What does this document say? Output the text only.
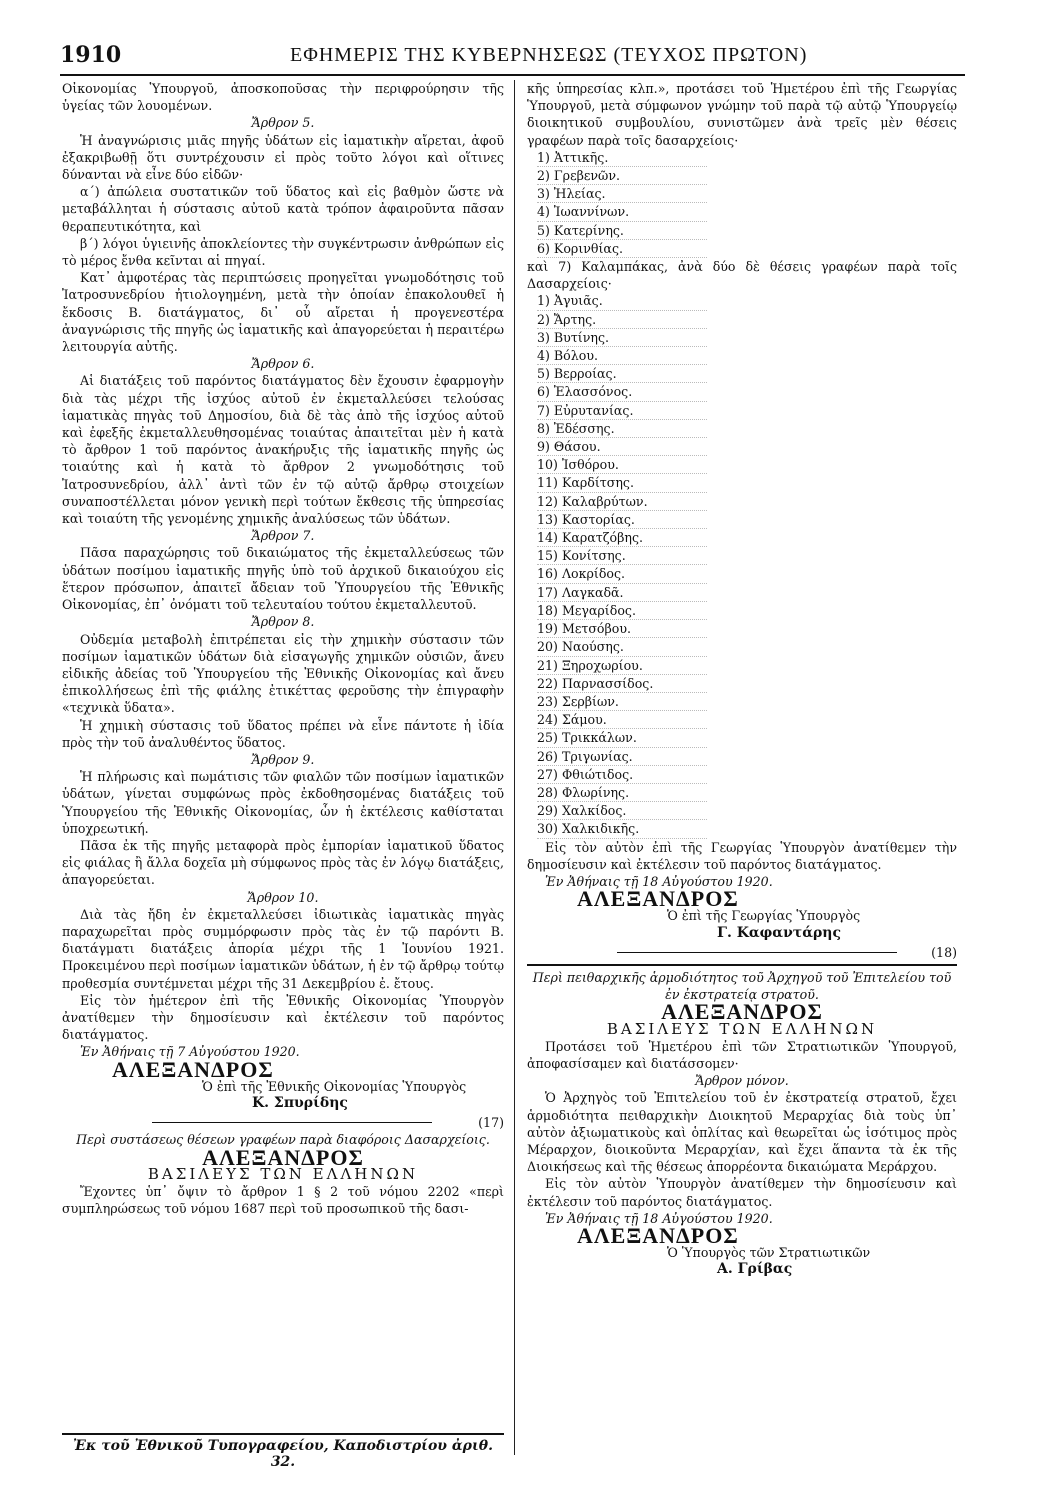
1910	ΕΦΗΜΕΡΙΣ ΤΗΣ ΚΥΒΕΡΝΗΣΕΩΣ (ΤΕΥΧΟΣ ΠΡΩΤΟΝ)

Οἰκονομίας Ὑπουργοῦ, ἀποσκοποῦσας τὴν περιφρούρησιν τῆς ὑγείας τῶν λουομένων.

Ἄρθρον 5.

Ἡ ἀναγνώρισις μιᾶς πηγῆς ὑδάτων εἰς ἰαματικὴν αἴρεται, ἀφοῦ ἐξακριβωθῇ ὅτι συντρέχουσιν εἰ πρὸς τοῦτο λόγοι καὶ οἵτινες δύνανται νὰ εἶνε δύο εἰδῶν·

α΄) ἀπώλεια συστατικῶν τοῦ ὕδατος καὶ εἰς βαθμὸν ὥστε νὰ μεταβάλληται ἡ σύστασις αὐτοῦ κατὰ τρόπον ἀφαιροῦντα πᾶσαν θεραπευτικότητα, καὶ

β΄) λόγοι ὑγιεινῆς ἀποκλείοντες τὴν συγκέντρωσιν ἀνθρώπων εἰς τὸ μέρος ἔνθα κεῖνται αἱ πηγαί.

Κατ᾽ ἀμφοτέρας τὰς περιπτώσεις προηγεῖται γνωμοδότησις τοῦ Ἰατροσυνεδρίου ἠτιολογημένη, μετὰ τὴν ὁποίαν ἐπακολουθεῖ ἡ ἔκδοσις Β. διατάγματος, δι᾽ οὗ αἴρεται ἡ προγενεστέρα ἀναγνώρισις τῆς πηγῆς ὡς ἰαματικῆς καὶ ἀπαγορεύεται ἡ περαιτέρω λειτουργία αὐτῆς.

Ἄρθρον 6.

Αἱ διατάξεις τοῦ παρόντος διατάγματος δὲν ἔχουσιν ἐφαρμογὴν διὰ τὰς μέχρι τῆς ἰσχύος αὐτοῦ ἐν ἐκμεταλλεύσει τελούσας ἰαματικὰς πηγὰς τοῦ Δημοσίου, διὰ δὲ τὰς ἀπὸ τῆς ἰσχύος αὐτοῦ καὶ ἐφεξῆς ἐκμεταλλευθησομένας τοιαύτας ἀπαιτεῖται μὲν ἡ κατὰ τὸ ἄρθρον 1 τοῦ παρόντος ἀνακήρυξις τῆς ἰαματικῆς πηγῆς ὡς τοιαύτης καὶ ἡ κατὰ τὸ ἄρθρον 2 γνωμοδότησις τοῦ Ἰατροσυνεδρίου, ἀλλ᾽ ἀντὶ τῶν ἐν τῷ αὐτῷ ἄρθρῳ στοιχείων συναποστέλλεται μόνον γενικὴ περὶ τούτων ἔκθεσις τῆς ὑπηρεσίας καὶ τοιαύτη τῆς γενομένης χημικῆς ἀναλύσεως τῶν ὑδάτων.

Ἄρθρον 7.

Πᾶσα παραχώρησις τοῦ δικαιώματος τῆς ἐκμεταλλεύσεως τῶν ὑδάτων ποσίμου ἰαματικῆς πηγῆς ὑπὸ τοῦ ἀρχικοῦ δικαιούχου εἰς ἕτερον πρόσωπον, ἀπαιτεῖ ἄδειαν τοῦ Ὑπουργείου τῆς Ἐθνικῆς Οἰκονομίας, ἐπ᾽ ὀνόματι τοῦ τελευταίου τούτου ἐκμεταλλευτοῦ.

Ἄρθρον 8.

Οὐδεμία μεταβολὴ ἐπιτρέπεται εἰς τὴν χημικὴν σύστασιν τῶν ποσίμων ἰαματικῶν ὑδάτων διὰ εἰσαγωγῆς χημικῶν οὐσιῶν, ἄνευ εἰδικῆς ἀδείας τοῦ Ὑπουργείου τῆς Ἐθνικῆς Οἰκονομίας καὶ ἄνευ ἐπικολλήσεως ἐπὶ τῆς φιάλης ἐτικέττας φεροῦσης τὴν ἐπιγραφὴν «τεχνικὰ ὕδατα».

Ἡ χημικὴ σύστασις τοῦ ὕδατος πρέπει νὰ εἶνε πάντοτε ἡ ἰδία πρὸς τὴν τοῦ ἀναλυθέντος ὕδατος.

Ἄρθρον 9.

Ἡ πλήρωσις καὶ πωμάτισις τῶν φιαλῶν τῶν ποσίμων ἰαματικῶν ὑδάτων, γίνεται συμφώνως πρὸς ἐκδοθησομένας διατάξεις τοῦ Ὑπουργείου τῆς Ἐθνικῆς Οἰκονομίας, ὧν ἡ ἐκτέλεσις καθίσταται ὑποχρεωτική.

Πᾶσα ἐκ τῆς πηγῆς μεταφορὰ πρὸς ἐμπορίαν ἰαματικοῦ ὕδατος εἰς φιάλας ἢ ἄλλα δοχεῖα μὴ σύμφωνος πρὸς τὰς ἐν λόγῳ διατάξεις, ἀπαγορεύεται.

Ἄρθρον 10.

Διὰ τὰς ἤδη ἐν ἐκμεταλλεύσει ἰδιωτικὰς ἰαματικὰς πηγὰς παραχωρεῖται πρὸς συμμόρφωσιν πρὸς τὰς ἐν τῷ παρόντι Β. διατάγματι διατάξεις ἀπορία μέχρι τῆς 1 Ἰουνίου 1921. Προκειμένου περὶ ποσίμων ἰαματικῶν ὑδάτων, ἡ ἐν τῷ ἄρθρῳ τούτῳ προθεσμία συντέμνεται μέχρι τῆς 31 Δεκεμβρίου ἐ. ἔτους.

Εἰς τὸν ἡμέτερον ἐπὶ τῆς Ἐθνικῆς Οἰκονομίας Ὑπουργὸν ἀνατίθεμεν τὴν δημοσίευσιν καὶ ἐκτέλεσιν τοῦ παρόντος διατάγματος.

Ἐν Ἀθήναις τῇ 7 Αὐγούστου 1920.

ΑΛΕΞΑΝΔΡΟΣ

Ὁ ἐπὶ τῆς Ἐθνικῆς Οἰκονομίας Ὑπουργὸς

Κ. Σπυρίδης

(17)

Περὶ συστάσεως θέσεων γραφέων παρὰ διαφόροις Δασαρχείοις.

ΑΛΕΞΑΝΔΡΟΣ

ΒΑΣΙΛΕΥΣ ΤΩΝ ΕΛΛΗΝΩΝ

Ἔχοντες ὑπ᾽ ὄψιν τὸ ἄρθρον 1 § 2 τοῦ νόμου 2202 «περὶ συμπληρώσεως τοῦ νόμου 1687 περὶ τοῦ προσωπικοῦ τῆς δασι-

Ἐκ τοῦ Ἐθνικοῦ Τυπογραφείου, Καποδιστρίου ἀριθ. 32.

κῆς ὑπηρεσίας κλπ.», προτάσει τοῦ Ἡμετέρου ἐπὶ τῆς Γεωργίας Ὑπουργοῦ, μετὰ σύμφωνον γνώμην τοῦ παρὰ τῷ αὐτῷ Ὑπουργείῳ διοικητικοῦ συμβουλίου, συνιστῶμεν ἀνὰ τρεῖς μὲν θέσεις γραφέων παρὰ τοῖς δασαρχείοις·

1) Ἀττικῆς.
2) Γρεβενῶν.
3) Ἠλείας.
4) Ἰωαννίνων.
5) Κατερίνης.
6) Κορινθίας.

καὶ 7) Καλαμπάκας, ἀνὰ δύο δὲ θέσεις γραφέων παρὰ τοῖς Δασαρχείοις·

1) Ἀγυιᾶς.
2) Ἄρτης.
3) Βυτίνης.
4) Βόλου.
5) Βερροίας.
6) Ἐλασσόνος.
7) Εὐρυτανίας.
8) Ἐδέσσης.
9) Θάσου.
10) Ἰσθόρου.
11) Καρδίτσης.
12) Καλαβρύτων.
13) Καστορίας.
14) Καρατζόβης.
15) Κονίτσης.
16) Λοκρίδος.
17) Λαγκαδᾶ.
18) Μεγαρίδος.
19) Μετσόβου.
20) Ναούσης.
21) Ξηροχωρίου.
22) Παρνασσίδος.
23) Σερβίων.
24) Σάμου.
25) Τρικκάλων.
26) Τριγωνίας.
27) Φθιώτιδος.
28) Φλωρίνης.
29) Χαλκίδος.
30) Χαλκιδικῆς.

Εἰς τὸν αὐτὸν ἐπὶ τῆς Γεωργίας Ὑπουργὸν ἀνατίθεμεν τὴν δημοσίευσιν καὶ ἐκτέλεσιν τοῦ παρόντος διατάγματος.

Ἐν Ἀθήναις τῇ 18 Αὐγούστου 1920.

ΑΛΕΞΑΝΔΡΟΣ

Ὁ ἐπὶ τῆς Γεωργίας Ὑπουργὸς

Γ. Καφαντάρης

(18)

Περὶ πειθαρχικῆς ἁρμοδιότητος τοῦ Ἀρχηγοῦ τοῦ Ἐπιτελείου τοῦ ἐν ἐκστρατείᾳ στρατοῦ.

ΑΛΕΞΑΝΔΡΟΣ

ΒΑΣΙΛΕΥΣ ΤΩΝ ΕΛΛΗΝΩΝ

Προτάσει τοῦ Ἡμετέρου ἐπὶ τῶν Στρατιωτικῶν Ὑπουργοῦ, ἀποφασίσαμεν καὶ διατάσσομεν·

Ἄρθρον μόνον.

Ὁ Ἀρχηγὸς τοῦ Ἐπιτελείου τοῦ ἐν ἐκστρατείᾳ στρατοῦ, ἔχει ἁρμοδιότητα πειθαρχικὴν Διοικητοῦ Μεραρχίας διὰ τοὺς ὑπ᾽ αὐτὸν ἀξιωματικοὺς καὶ ὁπλίτας καὶ θεωρεῖται ὡς ἰσότιμος πρὸς Μέραρχον, διοικοῦντα Μεραρχίαν, καὶ ἔχει ἅπαντα τὰ ἐκ τῆς Διοικήσεως καὶ τῆς θέσεως ἀπορρέοντα δικαιώματα Μεράρχου.

Εἰς τὸν αὐτὸν Ὑπουργὸν ἀνατίθεμεν τὴν δημοσίευσιν καὶ ἐκτέλεσιν τοῦ παρόντος διατάγματος.

Ἐν Ἀθήναις τῇ 18 Αὐγούστου 1920.

ΑΛΕΞΑΝΔΡΟΣ

Ὁ Ὑπουργὸς τῶν Στρατιωτικῶν

Α. Γρίβας
